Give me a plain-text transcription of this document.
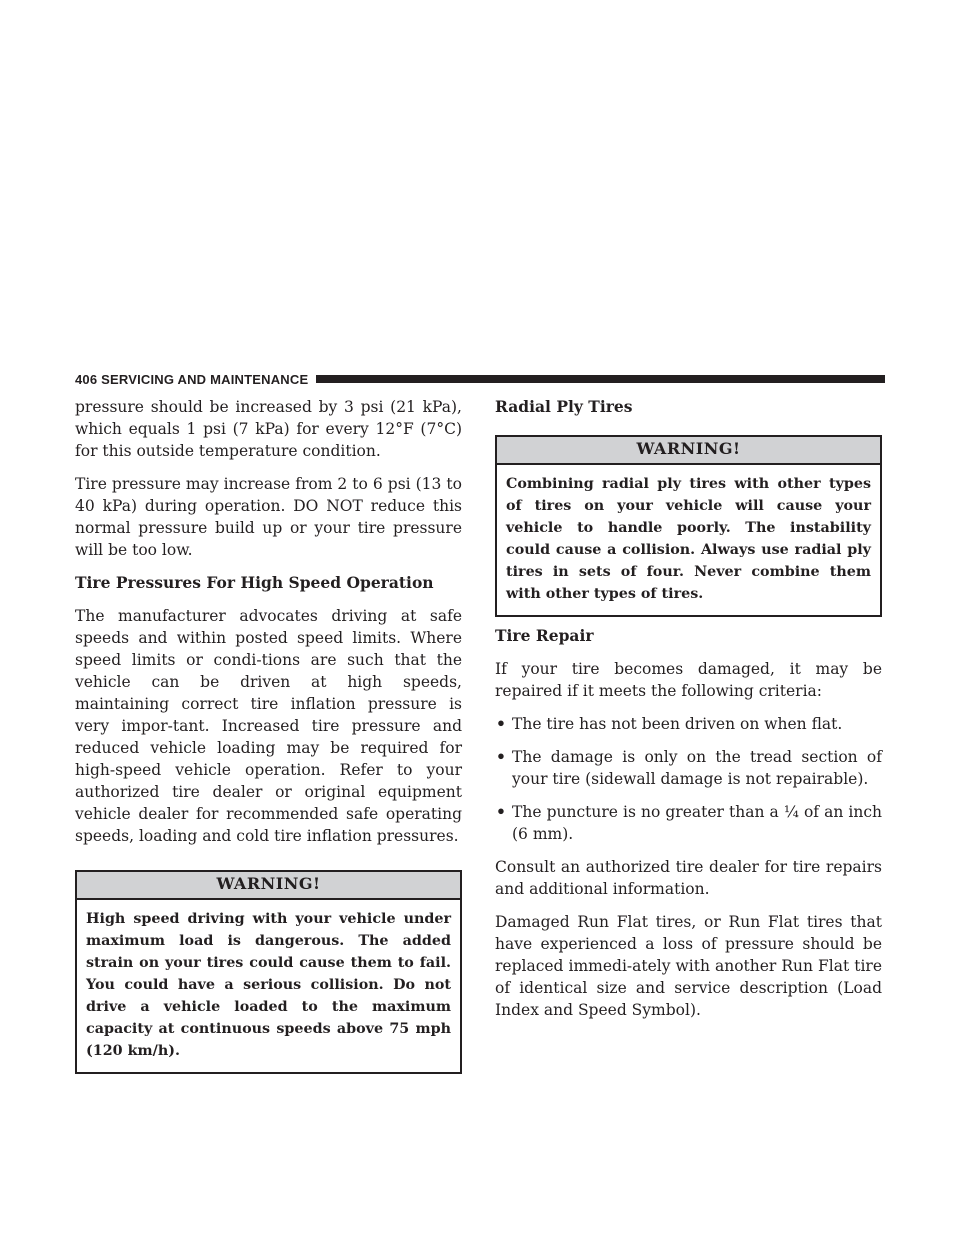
406 SERVICING AND MAINTENANCE

pressure should be increased by 3 psi (21 kPa), which equals 1 psi (7 kPa) for every 12°F (7°C) for this outside temperature condition.

Tire pressure may increase from 2 to 6 psi (13 to 40 kPa) during operation. DO NOT reduce this normal pressure build up or your tire pressure will be too low.

Tire Pressures For High Speed Operation

The manufacturer advocates driving at safe speeds and within posted speed limits. Where speed limits or condi-tions are such that the vehicle can be driven at high speeds, maintaining correct tire inflation pressure is very impor-tant. Increased tire pressure and reduced vehicle loading may be required for high-speed vehicle operation. Refer to your authorized tire dealer or original equipment vehicle dealer for recommended safe operating speeds, loading and cold tire inflation pressures.

WARNING!
High speed driving with your vehicle under maximum load is dangerous. The added strain on your tires could cause them to fail. You could have a serious collision. Do not drive a vehicle loaded to the maximum capacity at continuous speeds above 75 mph (120 km/h).

Radial Ply Tires

WARNING!
Combining radial ply tires with other types of tires on your vehicle will cause your vehicle to handle poorly. The instability could cause a collision. Always use radial ply tires in sets of four. Never combine them with other types of tires.

Tire Repair

If your tire becomes damaged, it may be repaired if it meets the following criteria:

• The tire has not been driven on when flat.
• The damage is only on the tread section of your tire (sidewall damage is not repairable).
• The puncture is no greater than a ¼ of an inch (6 mm).

Consult an authorized tire dealer for tire repairs and additional information.

Damaged Run Flat tires, or Run Flat tires that have experienced a loss of pressure should be replaced immedi-ately with another Run Flat tire of identical size and service description (Load Index and Speed Symbol).
